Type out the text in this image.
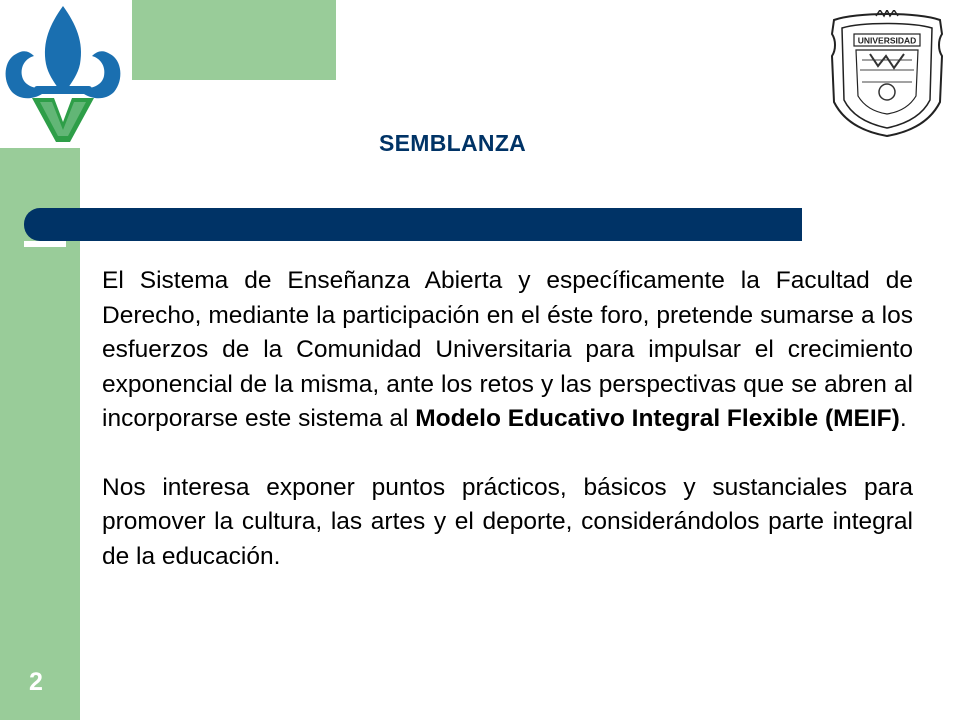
UNIVERSIDAD
SEMBLANZA

El Sistema de Enseñanza Abierta y específicamente la Facultad de Derecho, mediante la participación en el éste foro, pretende sumarse a los esfuerzos de la Comunidad Universitaria para impulsar el crecimiento exponencial de la misma, ante los retos y las perspectivas que se abren al incorporarse este sistema al Modelo Educativo Integral Flexible (MEIF).

Nos interesa exponer puntos prácticos, básicos y sustanciales para promover la cultura, las artes y el deporte, considerándolos parte integral de la educación.

2
